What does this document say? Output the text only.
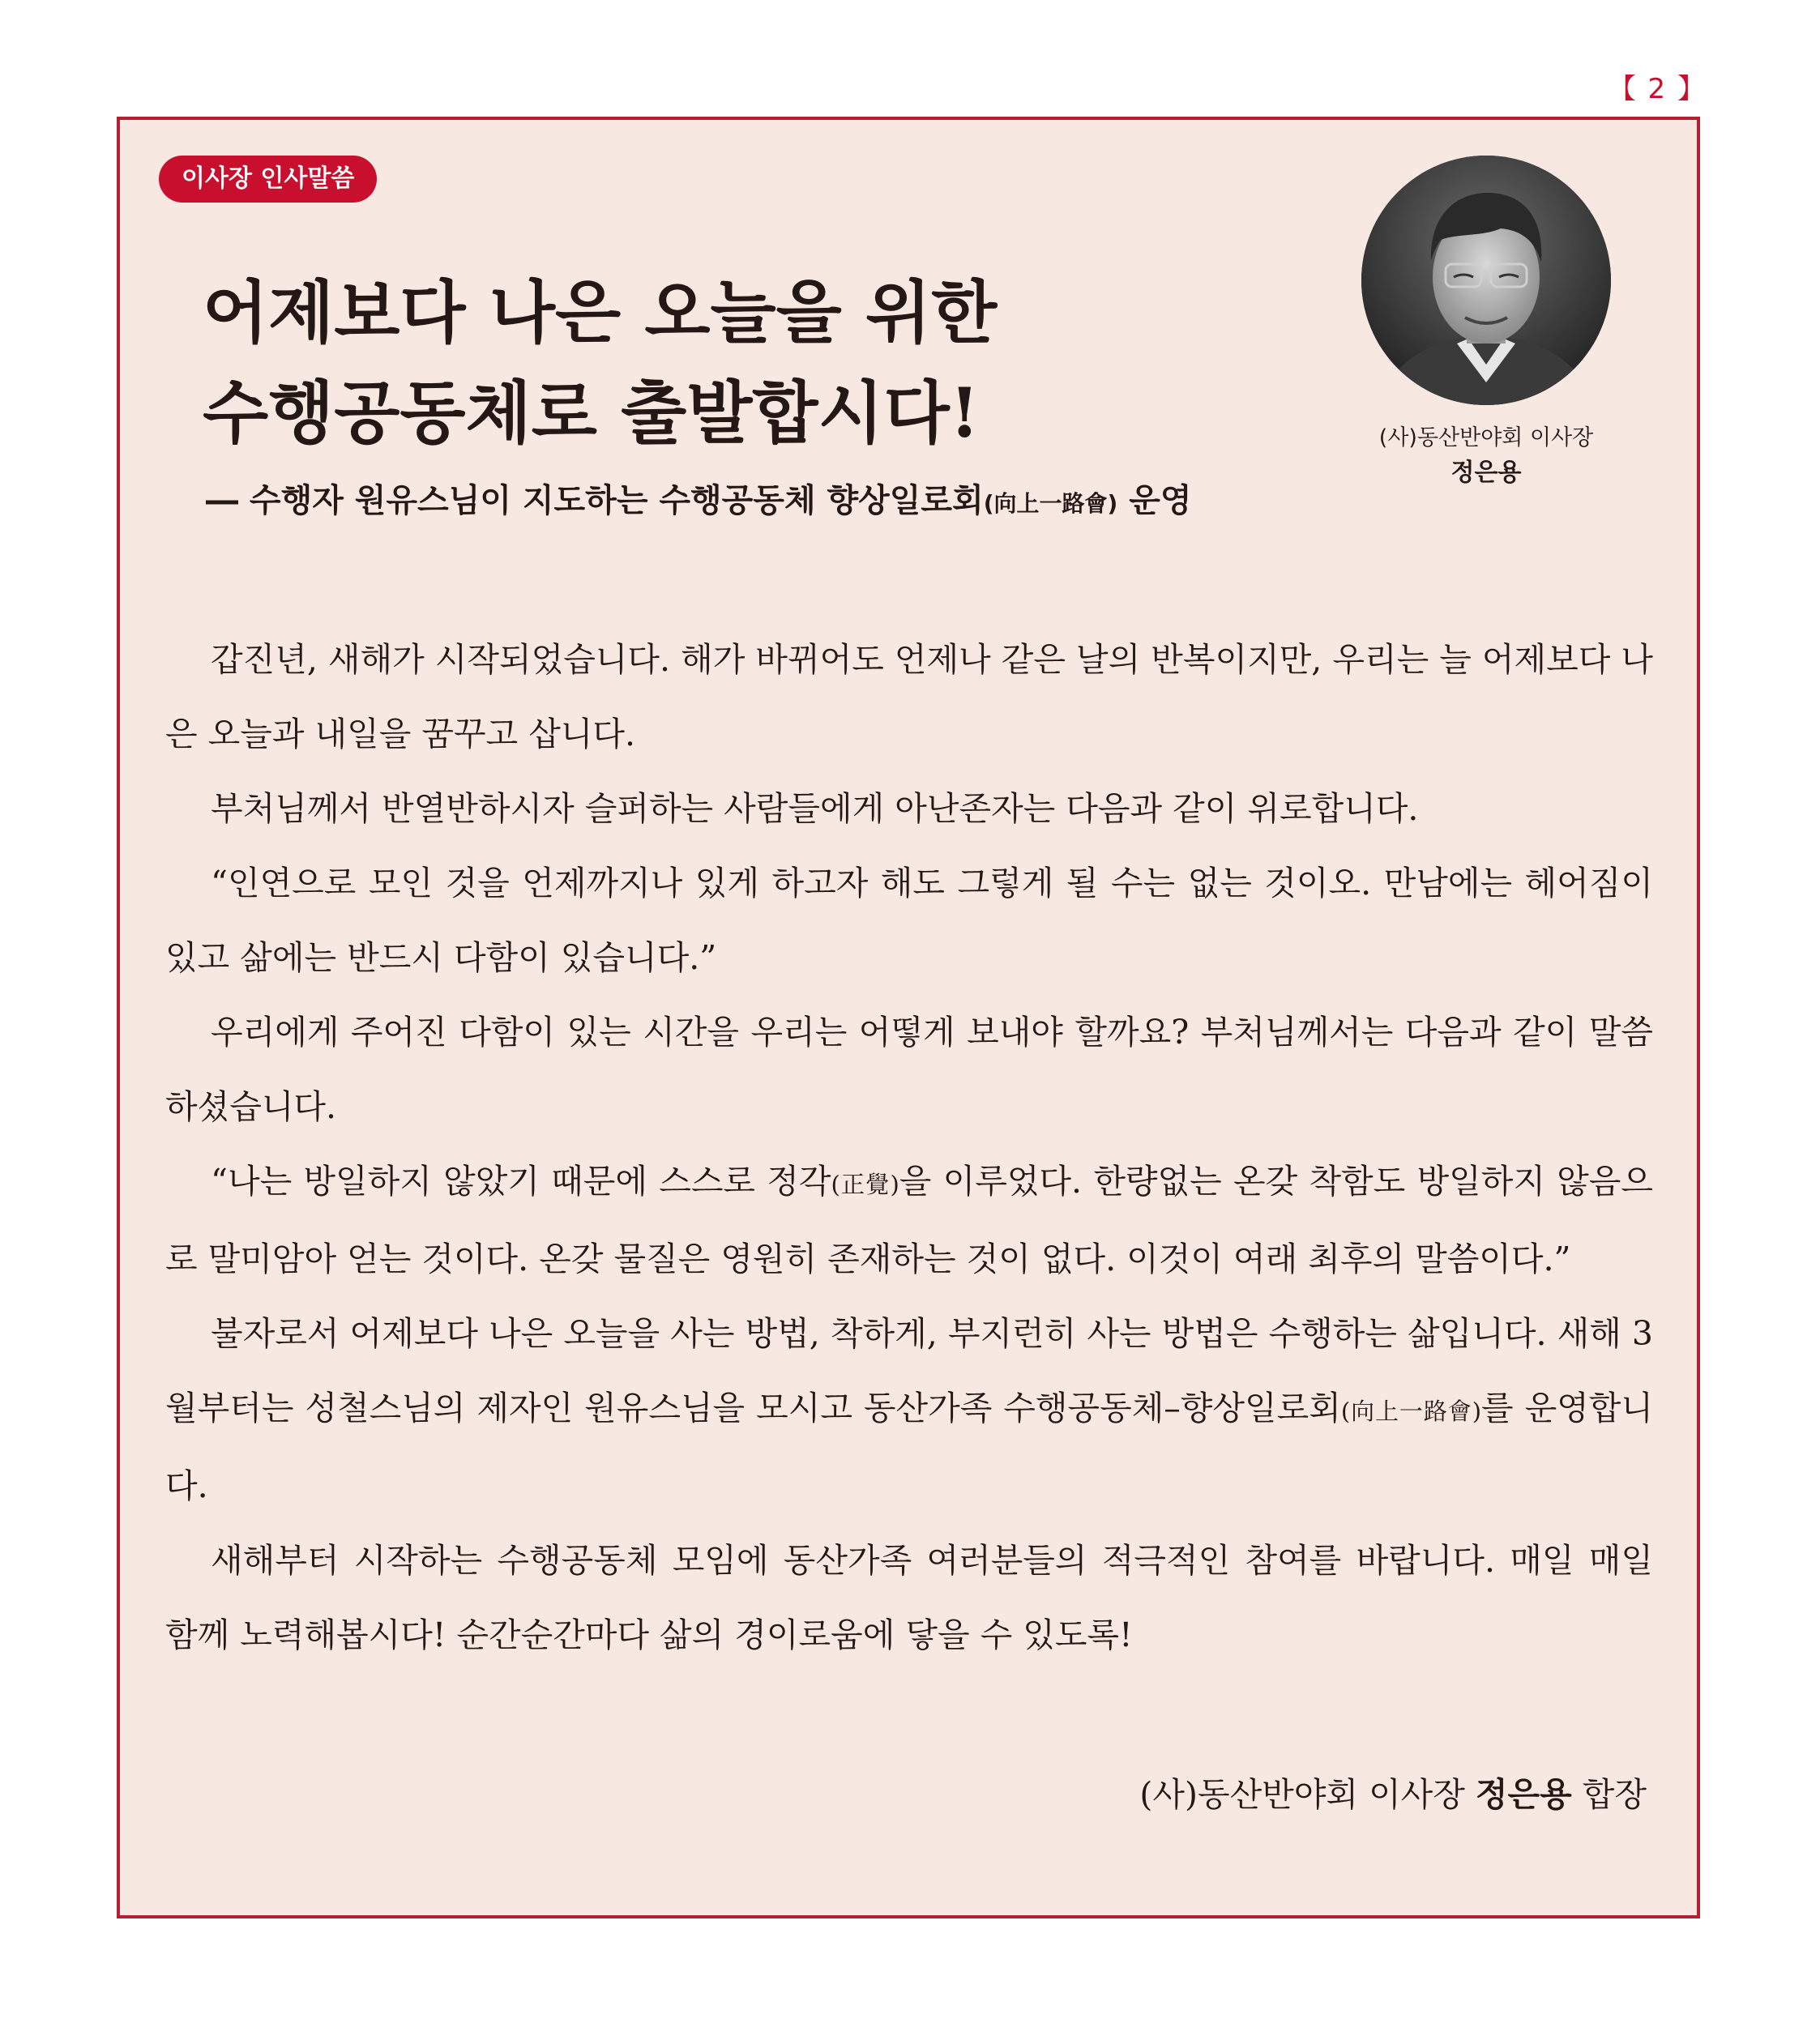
【 2 】
이사장 인사말씀
어제보다 나은 오늘을 위한
수행공동체로 출발합시다!
― 수행자 원유스님이 지도하는 수행공동체 향상일로회(向上一路會) 운영
(사)동산반야회 이사장
정은용

갑진년, 새해가 시작되었습니다. 해가 바뀌어도 언제나 같은 날의 반복이지만, 우리는 늘 어제보다 나은 오늘과 내일을 꿈꾸고 삽니다.

부처님께서 반열반하시자 슬퍼하는 사람들에게 아난존자는 다음과 같이 위로합니다.

“인연으로 모인 것을 언제까지나 있게 하고자 해도 그렇게 될 수는 없는 것이오. 만남에는 헤어짐이 있고 삶에는 반드시 다함이 있습니다.”

우리에게 주어진 다함이 있는 시간을 우리는 어떻게 보내야 할까요? 부처님께서는 다음과 같이 말씀하셨습니다.

“나는 방일하지 않았기 때문에 스스로 정각(正覺)을 이루었다. 한량없는 온갖 착함도 방일하지 않음으로 말미암아 얻는 것이다. 온갖 물질은 영원히 존재하는 것이 없다. 이것이 여래 최후의 말씀이다.”

불자로서 어제보다 나은 오늘을 사는 방법, 착하게, 부지런히 사는 방법은 수행하는 삶입니다. 새해 3월부터는 성철스님의 제자인 원유스님을 모시고 동산가족 수행공동체–향상일로회(向上一路會)를 운영합니다.

새해부터 시작하는 수행공동체 모임에 동산가족 여러분들의 적극적인 참여를 바랍니다. 매일 매일 함께 노력해봅시다! 순간순간마다 삶의 경이로움에 닿을 수 있도록!

(사)동산반야회 이사장 정은용 합장
